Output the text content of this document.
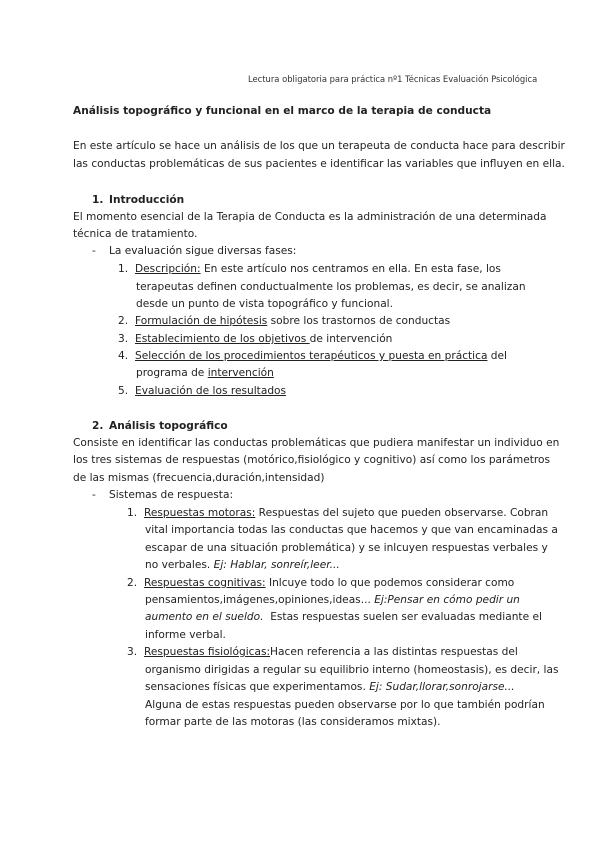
Lectura obligatoria para práctica nº1 Técnicas Evaluación Psicológica
Análisis topográfico y funcional en el marco de la terapia de conducta
En este artículo se hace un análisis de los que un terapeuta de conducta hace para describir
las conductas problemáticas de sus pacientes e identificar las variables que influyen en ella.
1. Introducción
El momento esencial de la Terapia de Conducta es la administración de una determinada
técnica de tratamiento.
- La evaluación sigue diversas fases:
1. Descripción: En este artículo nos centramos en ella. En esta fase, los
terapeutas definen conductualmente los problemas, es decir, se analizan
desde un punto de vista topográfico y funcional.
2. Formulación de hipótesis sobre los trastornos de conductas
3. Establecimiento de los objetivos de intervención
4. Selección de los procedimientos terapéuticos y puesta en práctica del
programa de intervención
5. Evaluación de los resultados
2. Análisis topográfico
Consiste en identificar las conductas problemáticas que pudiera manifestar un individuo en
los tres sistemas de respuestas (motórico,fisiológico y cognitivo) así como los parámetros
de las mismas (frecuencia,duración,intensidad)
- Sistemas de respuesta:
1. Respuestas motoras: Respuestas del sujeto que pueden observarse. Cobran
vital importancia todas las conductas que hacemos y que van encaminadas a
escapar de una situación problemática) y se inlcuyen respuestas verbales y
no verbales. Ej: Hablar, sonreír,leer...
2. Respuestas cognitivas: Inlcuye todo lo que podemos considerar como
pensamientos,imágenes,opiniones,ideas... Ej:Pensar en cómo pedir un
aumento en el sueldo.  Estas respuestas suelen ser evaluadas mediante el
informe verbal.
3. Respuestas fisiológicas:Hacen referencia a las distintas respuestas del
organismo dirigidas a regular su equilibrio interno (homeostasis), es decir, las
sensaciones físicas que experimentamos. Ej: Sudar,llorar,sonrojarse...
Alguna de estas respuestas pueden observarse por lo que también podrían
formar parte de las motoras (las consideramos mixtas).
